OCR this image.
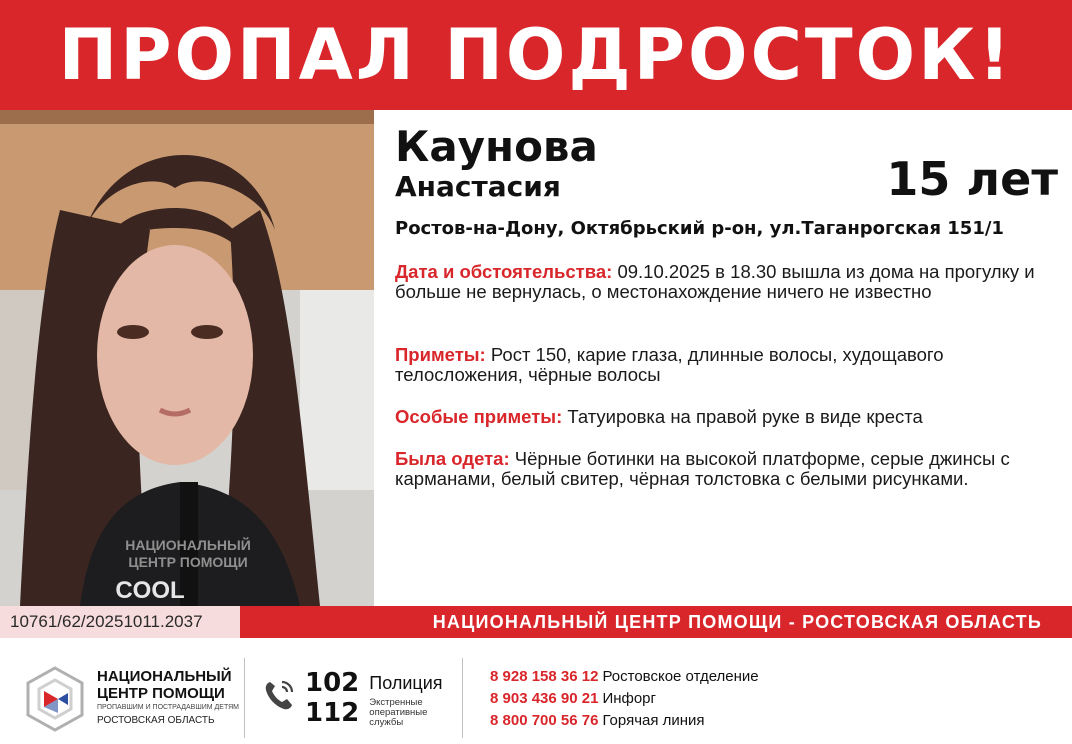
ПРОПАЛ ПОДРОСТОК!
НАЦИОНАЛЬНЫЙ
ЦЕНТР ПОМОЩИ
COOL
Каунова
Анастасия	15 лет
Ростов-на-Дону, Октябрьский р-он, ул.Таганрогская 151/1
Дата и обстоятельства: 09.10.2025 в 18.30 вышла из дома на прогулку и больше не вернулась, о местонахождение ничего не известно
Приметы: Рост 150, карие глаза, длинные волосы, худощавого телосложения, чёрные волосы
Особые приметы: Татуировка на правой руке в виде креста
Была одета: Чёрные ботинки на высокой платформе, серые джинсы с карманами, белый свитер, чёрная толстовка с белыми рисунками.
10761/62/20251011.2037	НАЦИОНАЛЬНЫЙ ЦЕНТР ПОМОЩИ - РОСТОВСКАЯ ОБЛАСТЬ
НАЦИОНАЛЬНЫЙ
ЦЕНТР ПОМОЩИ
ПРОПАВШИМ И ПОСТРАДАВШИМ ДЕТЯМ
РОСТОВСКАЯ ОБЛАСТЬ
102 Полиция
112 Экстренные оперативные службы
8 928 158 36 12 Ростовское отделение
8 903 436 90 21 Инфорг
8 800 700 56 76 Горячая линия
